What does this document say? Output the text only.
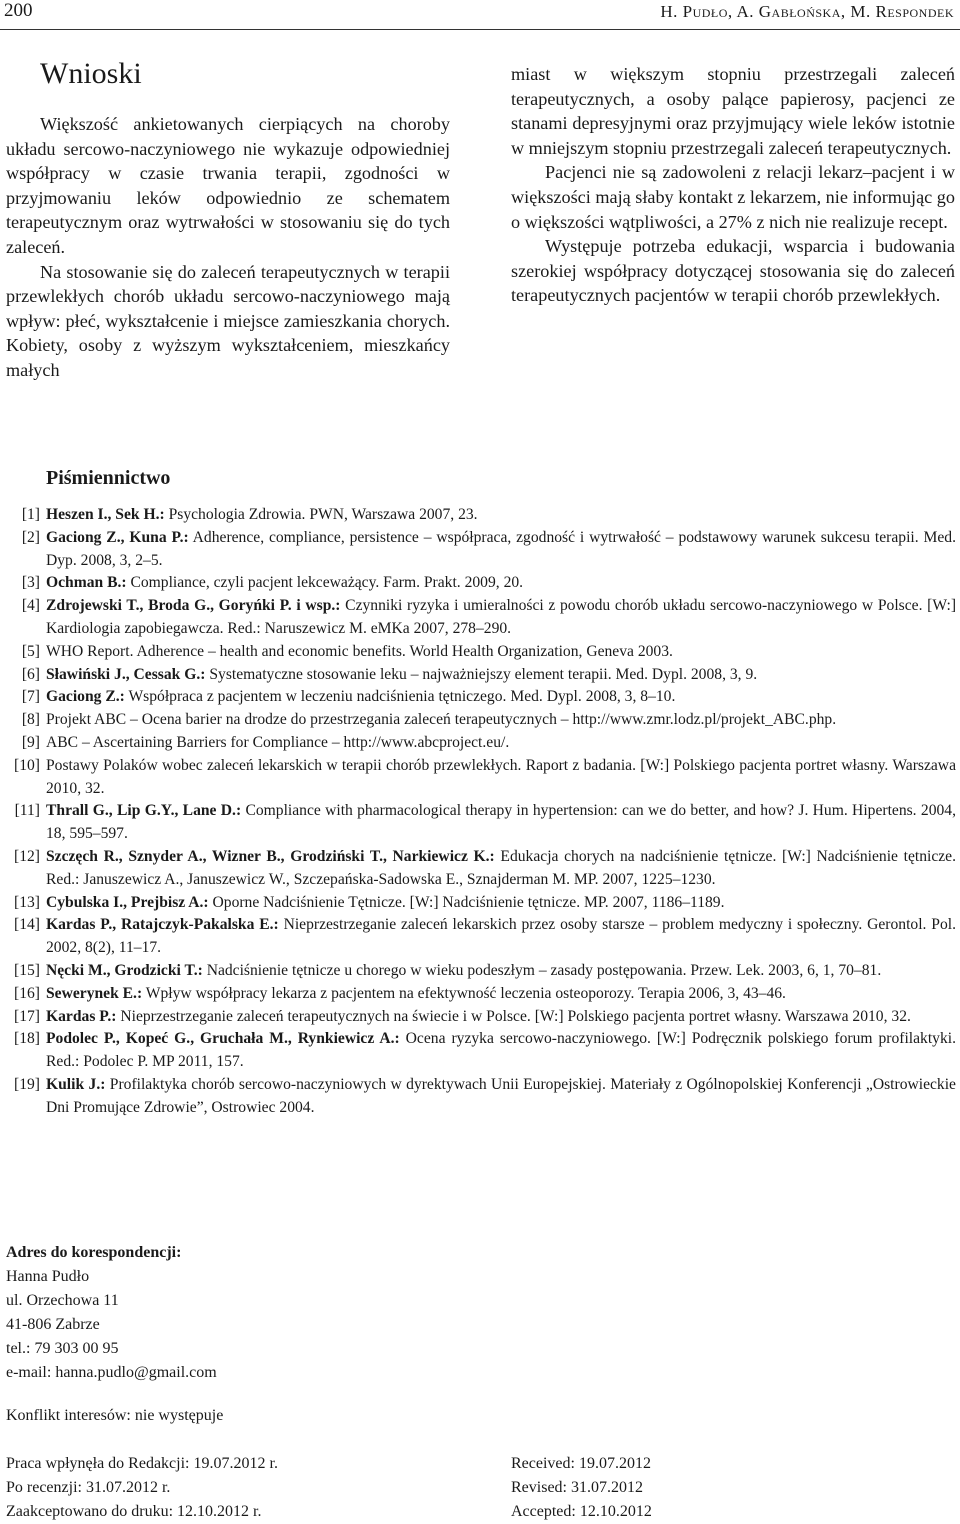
200	H. Pudło, A. Gabłońska, M. Respondek
Wnioski

Większość ankietowanych cierpiących na choroby układu sercowo-naczyniowego nie wykazuje odpowiedniej współpracy w czasie trwania terapii, zgodności w przyjmowaniu leków odpowiednio ze schematem terapeutycznym oraz wytrwałości w stosowaniu się do tych zaleceń.

Na stosowanie się do zaleceń terapeutycznych w terapii przewlekłych chorób układu sercowo-naczyniowego mają wpływ: płeć, wykształcenie i miejsce zamieszkania chorych. Kobiety, osoby z wyższym wykształceniem, mieszkańcy małych

miast w większym stopniu przestrzegali zaleceń terapeutycznych, a osoby palące papierosy, pacjenci ze stanami depresyjnymi oraz przyjmujący wiele leków istotnie w mniejszym stopniu przestrzegali zaleceń terapeutycznych.

Pacjenci nie są zadowoleni z relacji lekarz–pacjent i w większości mają słaby kontakt z lekarzem, nie informując go o większości wątpliwości, a 27% z nich nie realizuje recept.

Występuje potrzeba edukacji, wsparcia i budowania szerokiej współpracy dotyczącej stosowania się do zaleceń terapeutycznych pacjentów w terapii chorób przewlekłych.

Piśmiennictwo
[1] Heszen I., Sek H.: Psychologia Zdrowia. PWN, Warszawa 2007, 23.
[2] Gaciong Z., Kuna P.: Adherence, compliance, persistence – współpraca, zgodność i wytrwałość – podstawowy warunek sukcesu terapii. Med. Dyp. 2008, 3, 2–5.
[3] Ochman B.: Compliance, czyli pacjent lekceważący. Farm. Prakt. 2009, 20.
[4] Zdrojewski T., Broda G., Goryńki P. i wsp.: Czynniki ryzyka i umieralności z powodu chorób układu sercowo-naczyniowego w Polsce. [W:] Kardiologia zapobiegawcza. Red.: Naruszewicz M. eMKa 2007, 278–290.
[5] WHO Report. Adherence – health and economic benefits. World Health Organization, Geneva 2003.
[6] Sławiński J., Cessak G.: Systematyczne stosowanie leku – najważniejszy element terapii. Med. Dypl. 2008, 3, 9.
[7] Gaciong Z.: Współpraca z pacjentem w leczeniu nadciśnienia tętniczego. Med. Dypl. 2008, 3, 8–10.
[8] Projekt ABC – Ocena barier na drodze do przestrzegania zaleceń terapeutycznych – http://www.zmr.lodz.pl/projekt_ABC.php.
[9] ABC – Ascertaining Barriers for Compliance – http://www.abcproject.eu/.
[10] Postawy Polaków wobec zaleceń lekarskich w terapii chorób przewlekłych. Raport z badania. [W:] Polskiego pacjenta portret własny. Warszawa 2010, 32.
[11] Thrall G., Lip G.Y., Lane D.: Compliance with pharmacological therapy in hypertension: can we do better, and how? J. Hum. Hipertens. 2004, 18, 595–597.
[12] Szczęch R., Sznyder A., Wizner B., Grodziński T., Narkiewicz K.: Edukacja chorych na nadciśnienie tętnicze. [W:] Nadciśnienie tętnicze. Red.: Januszewicz A., Januszewicz W., Szczepańska-Sadowska E., Sznajderman M. MP. 2007, 1225–1230.
[13] Cybulska I., Prejbisz A.: Oporne Nadciśnienie Tętnicze. [W:] Nadciśnienie tętnicze. MP. 2007, 1186–1189.
[14] Kardas P., Ratajczyk-Pakalska E.: Nieprzestrzeganie zaleceń lekarskich przez osoby starsze – problem medyczny i społeczny. Gerontol. Pol. 2002, 8(2), 11–17.
[15] Nęcki M., Grodzicki T.: Nadciśnienie tętnicze u chorego w wieku podeszłym – zasady postępowania. Przew. Lek. 2003, 6, 1, 70–81.
[16] Sewerynek E.: Wpływ współpracy lekarza z pacjentem na efektywność leczenia osteoporozy. Terapia 2006, 3, 43–46.
[17] Kardas P.: Nieprzestrzeganie zaleceń terapeutycznych na świecie i w Polsce. [W:] Polskiego pacjenta portret własny. Warszawa 2010, 32.
[18] Podolec P., Kopeć G., Gruchała M., Rynkiewicz A.: Ocena ryzyka sercowo-naczyniowego. [W:] Podręcznik polskiego forum profilaktyki. Red.: Podolec P. MP 2011, 157.
[19] Kulik J.: Profilaktyka chorób sercowo-naczyniowych w dyrektywach Unii Europejskiej. Materiały z Ogólnopolskiej Konferencji „Ostrowieckie Dni Promujące Zdrowie”, Ostrowiec 2004.
Adres do korespondencji:
Hanna Pudło
ul. Orzechowa 11
41-806 Zabrze
tel.: 79 303 00 95
e-mail: hanna.pudlo@gmail.com
Konflikt interesów: nie występuje
Praca wpłynęła do Redakcji: 19.07.2012 r.
Po recenzji: 31.07.2012 r.
Zaakceptowano do druku: 12.10.2012 r.
Received: 19.07.2012
Revised: 31.07.2012
Accepted: 12.10.2012
